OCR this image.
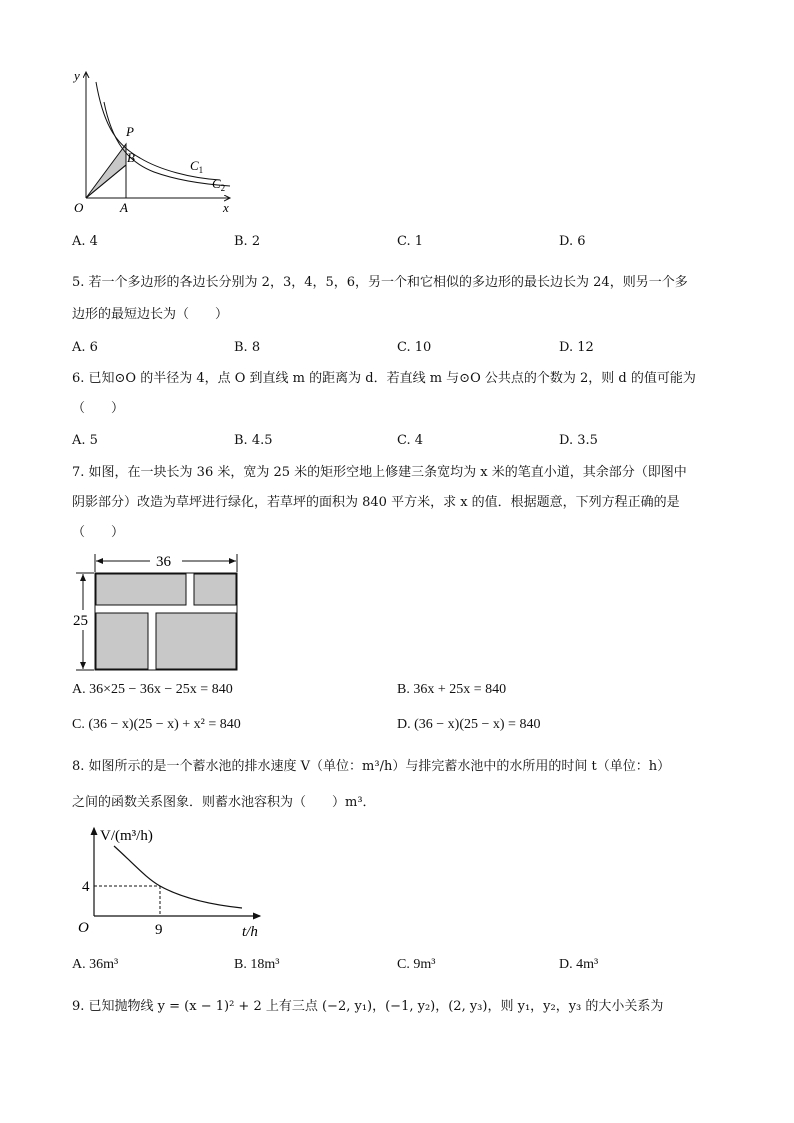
y
x
O
P
B
A
$C_1$
$C_2$
A. 4	B. 2	C. 1	D. 6
5. 若一个多边形的各边长分别为 2，3，4，5，6，另一个和它相似的多边形的最长边长为 24，则另一个多
边形的最短边长为（　　）
A. 6	B. 8	C. 10	D. 12
6. 已知⊙O 的半径为 4，点 O 到直线 m 的距离为 d．若直线 m 与⊙O 公共点的个数为 2，则 d 的值可能为
（　　）
A. 5	B. 4.5	C. 4	D. 3.5
7. 如图，在一块长为 36 米，宽为 25 米的矩形空地上修建三条宽均为 x 米的笔直小道，其余部分（即图中
阴影部分）改造为草坪进行绿化，若草坪的面积为 840 平方米，求 x 的值．根据题意，下列方程正确的是
（　　）
36
25
A. 36×25 − 36x − 25x = 840	B. 36x + 25x = 840
C. (36 − x)(25 − x) + x² = 840	D. (36 − x)(25 − x) = 840
8. 如图所示的是一个蓄水池的排水速度 V（单位：m³/h）与排完蓄水池中的水所用的时间 t（单位：h）
之间的函数关系图象．则蓄水池容积为（　　）m³．
V/(m³/h)
t/h
O
4
9
A. 36m³	B. 18m³	C. 9m³	D. 4m³
9. 已知抛物线 y = (x − 1)² + 2 上有三点 (−2, y₁)，(−1, y₂)，(2, y₃)，则 y₁，y₂，y₃ 的大小关系为
